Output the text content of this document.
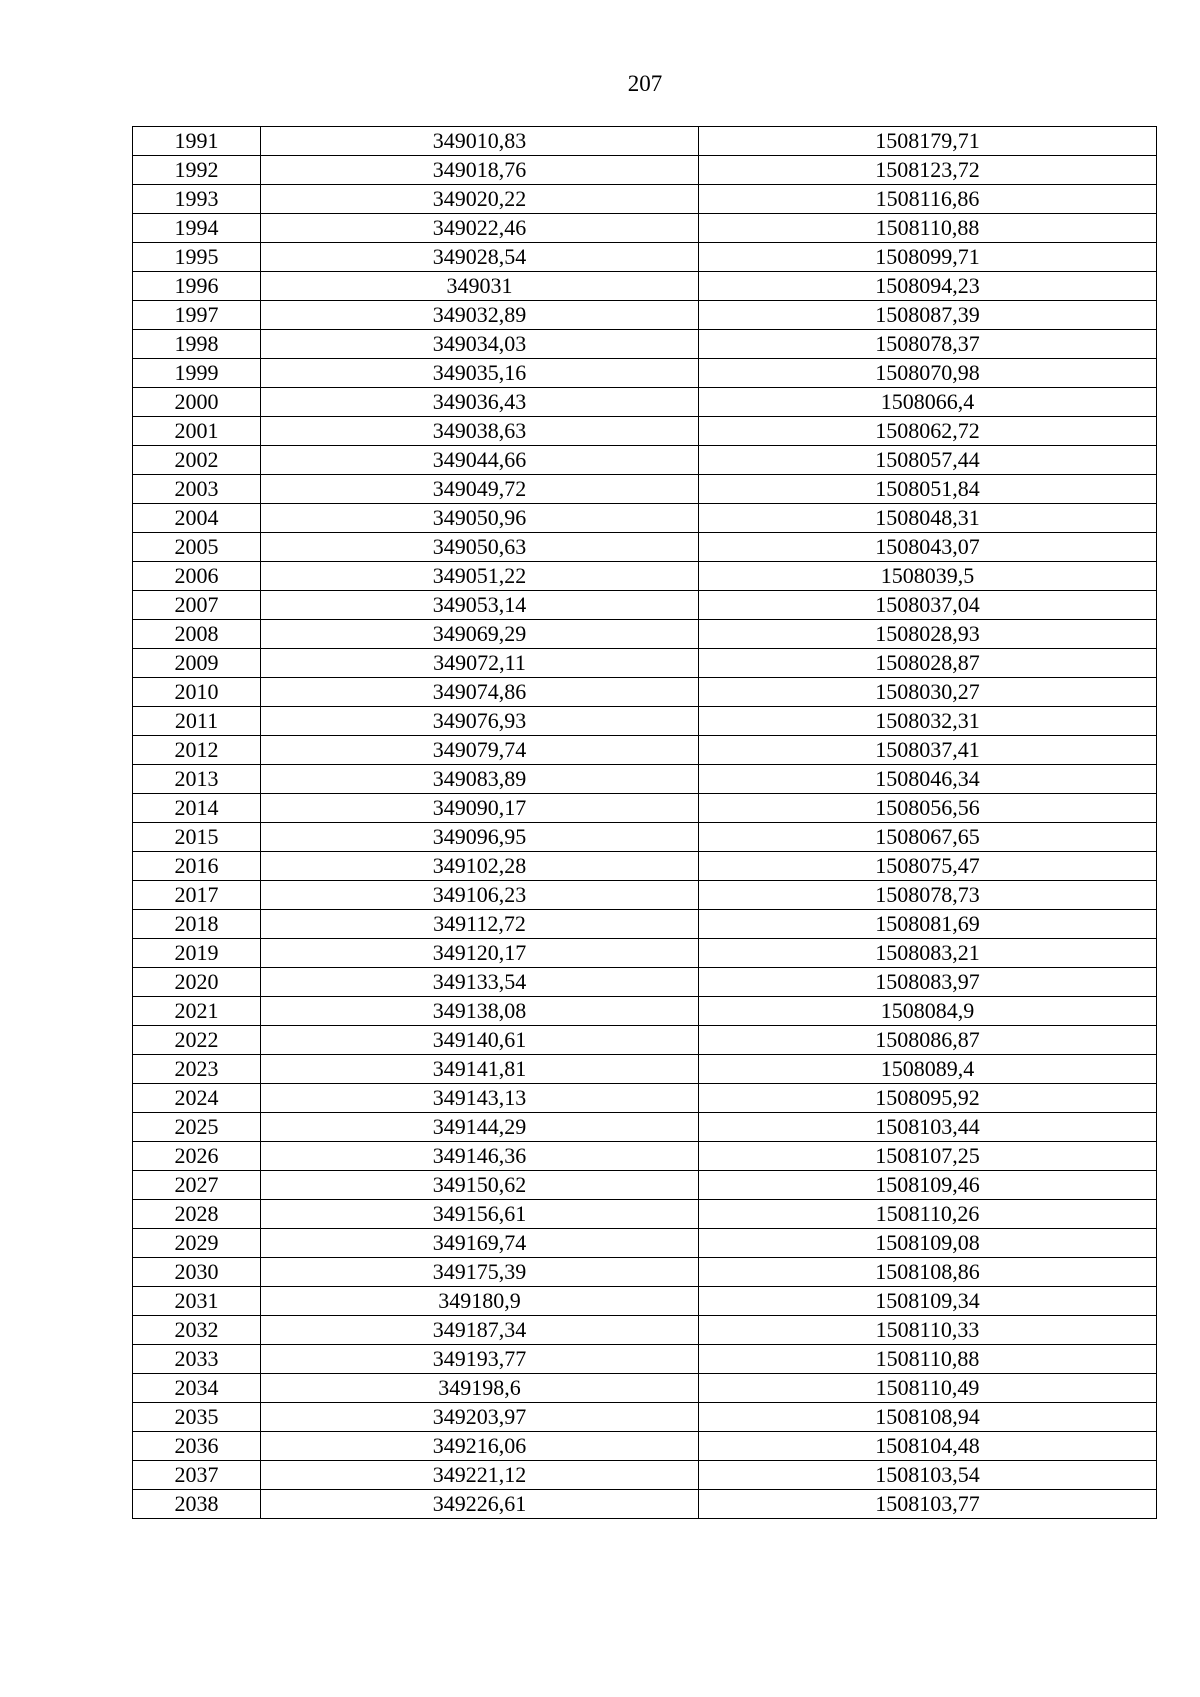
207
1991	349010,83	1508179,71
1992	349018,76	1508123,72
1993	349020,22	1508116,86
1994	349022,46	1508110,88
1995	349028,54	1508099,71
1996	349031	1508094,23
1997	349032,89	1508087,39
1998	349034,03	1508078,37
1999	349035,16	1508070,98
2000	349036,43	1508066,4
2001	349038,63	1508062,72
2002	349044,66	1508057,44
2003	349049,72	1508051,84
2004	349050,96	1508048,31
2005	349050,63	1508043,07
2006	349051,22	1508039,5
2007	349053,14	1508037,04
2008	349069,29	1508028,93
2009	349072,11	1508028,87
2010	349074,86	1508030,27
2011	349076,93	1508032,31
2012	349079,74	1508037,41
2013	349083,89	1508046,34
2014	349090,17	1508056,56
2015	349096,95	1508067,65
2016	349102,28	1508075,47
2017	349106,23	1508078,73
2018	349112,72	1508081,69
2019	349120,17	1508083,21
2020	349133,54	1508083,97
2021	349138,08	1508084,9
2022	349140,61	1508086,87
2023	349141,81	1508089,4
2024	349143,13	1508095,92
2025	349144,29	1508103,44
2026	349146,36	1508107,25
2027	349150,62	1508109,46
2028	349156,61	1508110,26
2029	349169,74	1508109,08
2030	349175,39	1508108,86
2031	349180,9	1508109,34
2032	349187,34	1508110,33
2033	349193,77	1508110,88
2034	349198,6	1508110,49
2035	349203,97	1508108,94
2036	349216,06	1508104,48
2037	349221,12	1508103,54
2038	349226,61	1508103,77
